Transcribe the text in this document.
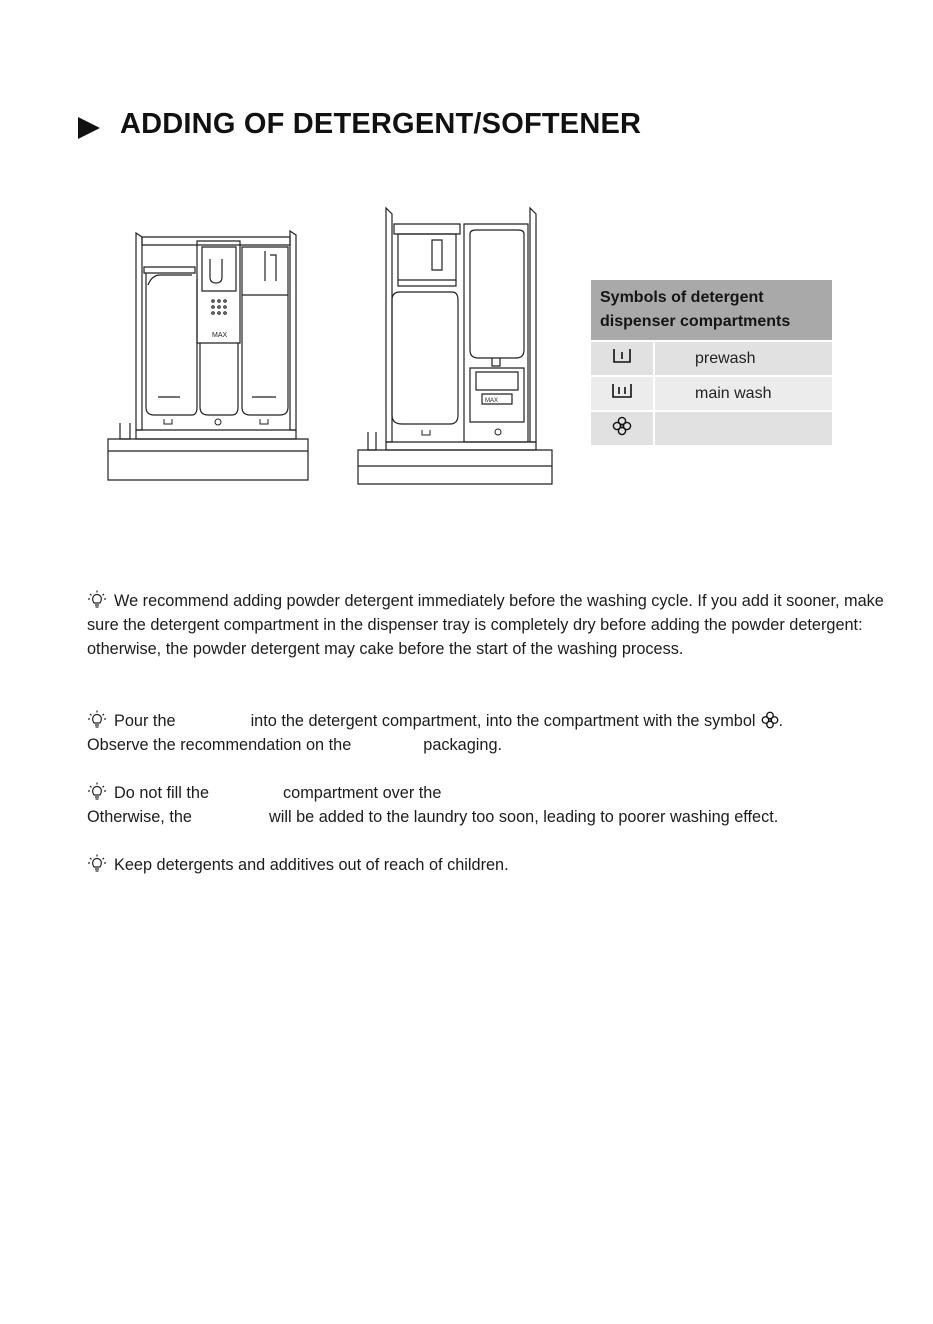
ADDING OF DETERGENT/SOFTENER
MAX
MAX
Symbols of detergent dispenser compartments	
	prewash
	main wash

We recommend adding powder detergent immediately before the washing cycle. If you add it sooner, make sure the detergent compartment in the dispenser tray is completely dry before adding the powder detergent: otherwise, the powder detergent may cake before the start of the washing process.
Pour the	into the detergent compartment, into the compartment with the symbol .
Observe the recommendation on the	packaging.
Do not fill the	compartment over the
Otherwise, the	will be added to the laundry too soon, leading to poorer washing effect.
Keep detergents and additives out of reach of children.
